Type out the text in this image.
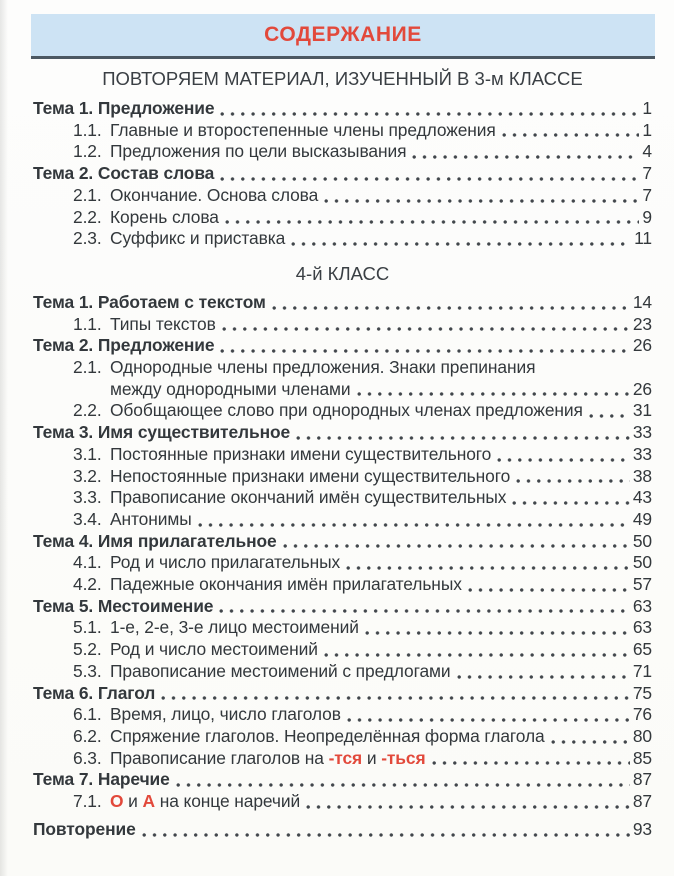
СОДЕРЖАНИЕ
ПОВТОРЯЕМ МАТЕРИАЛ, ИЗУЧЕННЫЙ В 3-м КЛАССЕ
Тема 1. Предложение	1
1.1. Главные и второстепенные члены предложения	1
1.2. Предложения по цели высказывания	4
Тема 2. Состав слова	7
2.1. Окончание. Основа слова	7
2.2. Корень слова	9
2.3. Суффикс и приставка	11
4-й КЛАСС
Тема 1. Работаем с текстом	14
1.1. Типы текстов	23
Тема 2. Предложение	26
2.1. Однородные члены предложения. Знаки препинания
между однородными членами	26
2.2. Обобщающее слово при однородных членах предложения	31
Тема 3. Имя существительное	33
3.1. Постоянные признаки имени существительного	33
3.2. Непостоянные признаки имени существительного	38
3.3. Правописание окончаний имён существительных	43
3.4. Антонимы	49
Тема 4. Имя прилагательное	50
4.1. Род и число прилагательных	50
4.2. Падежные окончания имён прилагательных	57
Тема 5. Местоимение	63
5.1. 1-е, 2-е, 3-е лицо местоимений	63
5.2. Род и число местоимений	65
5.3. Правописание местоимений с предлогами	71
Тема 6. Глагол	75
6.1. Время, лицо, число глаголов	76
6.2. Спряжение глаголов. Неопределённая форма глагола	80
6.3. Правописание глаголов на -тся и -ться	85
Тема 7. Наречие	87
7.1. О и А на конце наречий	87
Повторение	93
